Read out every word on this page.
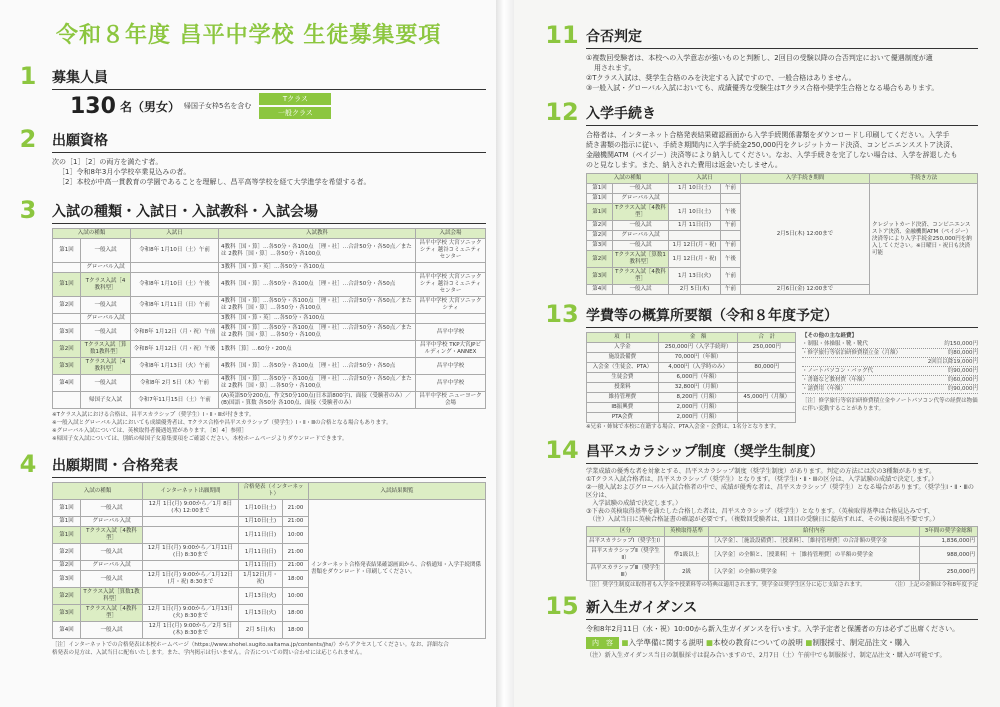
令和８年度 昌平中学校 生徒募集要項
1	募集人員
130 名（男女） 帰国子女枠5名を含む
Tクラス
一般クラス
2	出願資格
次の［1］［2］の両方を満たす者。
［1］令和8年3月小学校卒業見込みの者。
［2］本校が中高一貫教育の学園であることを理解し、昌平高等学校を経て大学進学を希望する者。
3	入試の種類・入試日・入試教科・入試会場
入試の種類		入試日	入試教科	入試会場
第1回	一般入試	令和8年 1月10日（土）午前	4教科［国・算］…各50分・各100点 ［理・社］…合計50分・各50点／または 2教科［国・算］…各50分・各100点	昌平中学校 大宮ソニックシティ 越谷コミュニティセンター
	グローバル入試		3教科［国・算・英］…各50分・各100点	
第1回	Tクラス入試［4教科型］	令和8年 1月10日（土）午後	4教科［国・算］…各50分・各100点 ［理・社］…合計50分・各50点	昌平中学校 大宮ソニックシティ 越谷コミュニティセンター
第2回	一般入試	令和8年 1月11日（日）午前	4教科［国・算］…各50分・各100点 ［理・社］…合計50分・各50点／または 2教科［国・算］…各50分・各100点	昌平中学校 大宮ソニックシティ
	グローバル入試		3教科［国・算・英］…各50分・各100点	
第3回	一般入試	令和8年 1月12日（月・祝）午前	4教科［国・算］…各50分・各100点 ［理・社］…合計50分・各50点／または 2教科［国・算］…各50分・各100点	昌平中学校
第2回	Tクラス入試［算数1教科型］	令和8年 1月12日（月・祝）午後	1教科［算］…60分・200点	昌平中学校 TKP大宮JPビルディング・ANNEX
第3回	Tクラス入試［4教科型］	令和8年 1月13日（火）午前	4教科［国・算］…各50分・各100点 ［理・社］…合計50分・各50点	昌平中学校
第4回	一般入試	令和8年 2月 5日（木）午前	4教科［国・算］…各50分・各100点 ［理・社］…合計50分・各50点／または 2教科［国・算］…各50分・各100点	昌平中学校
	帰国子女入試	令和7年11月15日（土）午前	(A)英語50分200点、作文50分100点(日本語800字)、面接（受験者のみ）／(B)国語・算数 各50分 各100点、面接（受験者のみ）	昌平中学校 ニューヨーク会場
※Tクラス入試における合格は、昌平スカラシップ（奨学生）Ⅰ・Ⅱ・Ⅲが付きます。
※一般入試とグローバル入試においても成績優秀者は、Tクラス合格や昌平スカラシップ（奨学生）Ⅰ・Ⅱ・Ⅲの合格となる場合もあります。
※グローバル入試については、英検取得者優遇処置があります。［8］4］参照］
※帰国子女入試については、別紙の帰国子女募集要項をご確認ください。本校ホームページよりダウンロードできます。
4	出願期間・合格発表
入試の種類		インターネット出願期間	合格発表（インターネット）		入試結果閲覧
第1回	一般入試	12月 1日(月) 9:00から／1月 8日(木) 12:00まで	1月10日(土)	21:00	インターネット合格発表結果確認画面から、合格通知・入学手続関係書類をダウンロード・印刷してください。
第1回	グローバル入試		1月10日(土)	21:00	
第1回	Tクラス入試［4教科型］		1月11日(日)	10:00	
第2回	一般入試	12月 1日(月) 9:00から／1月11日(日) 8:30まで	1月11日(日)	21:00	
第2回	グローバル入試		1月11日(日)	21:00	
第3回	一般入試	12月 1日(月) 9:00から／1月12日(月・祝) 8:30まで	1月12日(月・祝)	18:00	
第2回	Tクラス入試［算数1教科型］		1月13日(火)	10:00	
第3回	Tクラス入試［4教科型］	12月 1日(月) 9:00から／1月13日(火) 8:30まで	1月13日(火)	18:00	
第4回	一般入試	12月 1日(月) 9:00から／2月 5日(木) 8:30まで	2月 5日(木)	18:00	
［注］インターネットでの合格発表は本校ホームページ（https://www.shohei.sugito.saitama.jp/contents/jhs/）からアクセスしてください。なお、詳細な合
格発表の見方は、入試当日に配布いたします。また、学内掲示は行いません。合否についての問い合わせには応じられません。
11 合否判定
①複数回受験者は、本校への入学意志が強いものと判断し、2回目の受験以降の合否判定において優遇制度が適
用されます。
②Tクラス入試は、奨学生合格のみを決定する入試ですので、一般合格はありません。
③一般入試・グローバル入試においても、成績優秀な受験生はTクラス合格や奨学生合格となる場合もあります。
12 入学手続き
合格者は、インターネット合格発表結果確認画面から入学手続関係書類をダウンロードし印刷してください。入学手
続き書類の指示に従い、手続き期間内に入学手続金250,000円をクレジットカード決済、コンビニエンスストア決済、
金融機関ATM（ペイジー）決済等により納入してください。なお、入学手続きを完了しない場合は、入学を辞退したも
のと見なします。また、納入された費用は返金いたしません。
入試の種類		入試日		入学手続き期間	手続き方法
第1回	一般入試	1月 10日(土)	午前	2月5日(木) 12:00まで	クレジットカード決済、コンビニエンスストア決済、金融機関ATM（ペイジー）決済等により入学手続金250,000円を納入してください。※日曜日・祝日も決済可能
第1回	グローバル入試				
第1回	Tクラス入試［4教科型］	1月 10日(土)	午後		
第2回	一般入試	1月 11日(日)	午前		
第2回	グローバル入試				
第3回	一般入試	1月 12日(月・祝)	午前		
第2回	Tクラス入試［算数1教科型］	1月 12日(月・祝)	午後		
第3回	Tクラス入試［4教科型］	1月 13日(火)	午前		
第4回	一般入試	2月 5日(木)	午前	2月6日(金) 12:00まで	
13 学費等の概算所要額（令和８年度予定）
項　目	金　額	合　計
入学金	250,000円（入学手続時）	250,000円
施設設備費	70,000円（年額）	
入会金（生徒会、PTA）	4,000円（入学時のみ）	80,000円
生徒会費	6,000円（年額）	
授業料	32,800円（月額）	
維持管理費	8,200円（月額）	45,000円（月額）
IB振興費	2,000円（月額）	
PTA会費	2,000円（月額）	
※兄弟・姉妹で本校に在籍する場合、PTA入会金・会費は、1名分となります。
【その他の主な経費】
・制服・体操服・靴・靴代	約150,000円
・修学旅行等宿泊研修費積立金（月額）	約80,000円
2回目以降19,000円
・ノートパソコン・バッグ代	約90,000円
・書籍など教材費（年額）	約60,000円
・諸費用（年額）	約90,000円
［注］修学旅行等宿泊研修費積立金やノートパソコン代等の経費は物価に伴い変動することがあります。
14 昌平スカラシップ制度（奨学生制度）
学業成績の優秀な者を対象とする、昌平スカラシップ制度（奨学生制度）があります。判定の方法には次の3種類があります。
①Tクラス入試合格者は、昌平スカラシップ（奨学生）となります。（奨学生Ⅰ・Ⅱ・Ⅲの区分は、入学試験の成績で決定します。）
②一般入試およびグローバル入試合格者の中で、成績が優秀な者は、昌平スカラシップ（奨学生）となる場合があります。（奨学生Ⅰ・Ⅱ・Ⅲの区分は、
　入学試験の成績で決定します。）
③下表の英検取得基準を満たした合格した者は、昌平スカラシップ（奨学生）となります。（英検取得基準は合格見込みです、
　（注）入試当日に英検合格証書の確認が必要です。（複数回受験者は、1回目の受験日に提出すれば、その後は提出不要です。）
区分	英検取得基準	給付内容	3年間の奨学金総額
昌平スカラシップⅠ（奨学生Ⅰ）		［入学金］、［施設設備費］、［授業料］、［維持管理費］の合計額の奨学金	1,836,000円
昌平スカラシップⅡ（奨学生Ⅱ）	準1級以上	［入学金］の全額と、［授業料］＋［維持管理費］の半額の奨学金	988,000円
昌平スカラシップⅢ（奨学生Ⅲ）	2級	［入学金］の全額の奨学金	250,000円
［注］奨学生制度は取得者も入学金や授業料等の特典は適用されます。奨学金は奨学生区分に応じ支給されます。	（注）上記の金額は令和8年度予定
15 新入生ガイダンス
令和8年2月11日（水・祝）10:00から新入生ガイダンスを行います。入学予定者と保護者の方は必ずご出席ください。
内　容 ■入学準備に関する説明 ■本校の教育についての説明 ■制服採寸、制定品注文・購入
（注）新入生ガイダンス当日の制服採寸は混み合いますので、2月7日（土）午前中でも制服採寸、制定品注文・購入が可能です。
